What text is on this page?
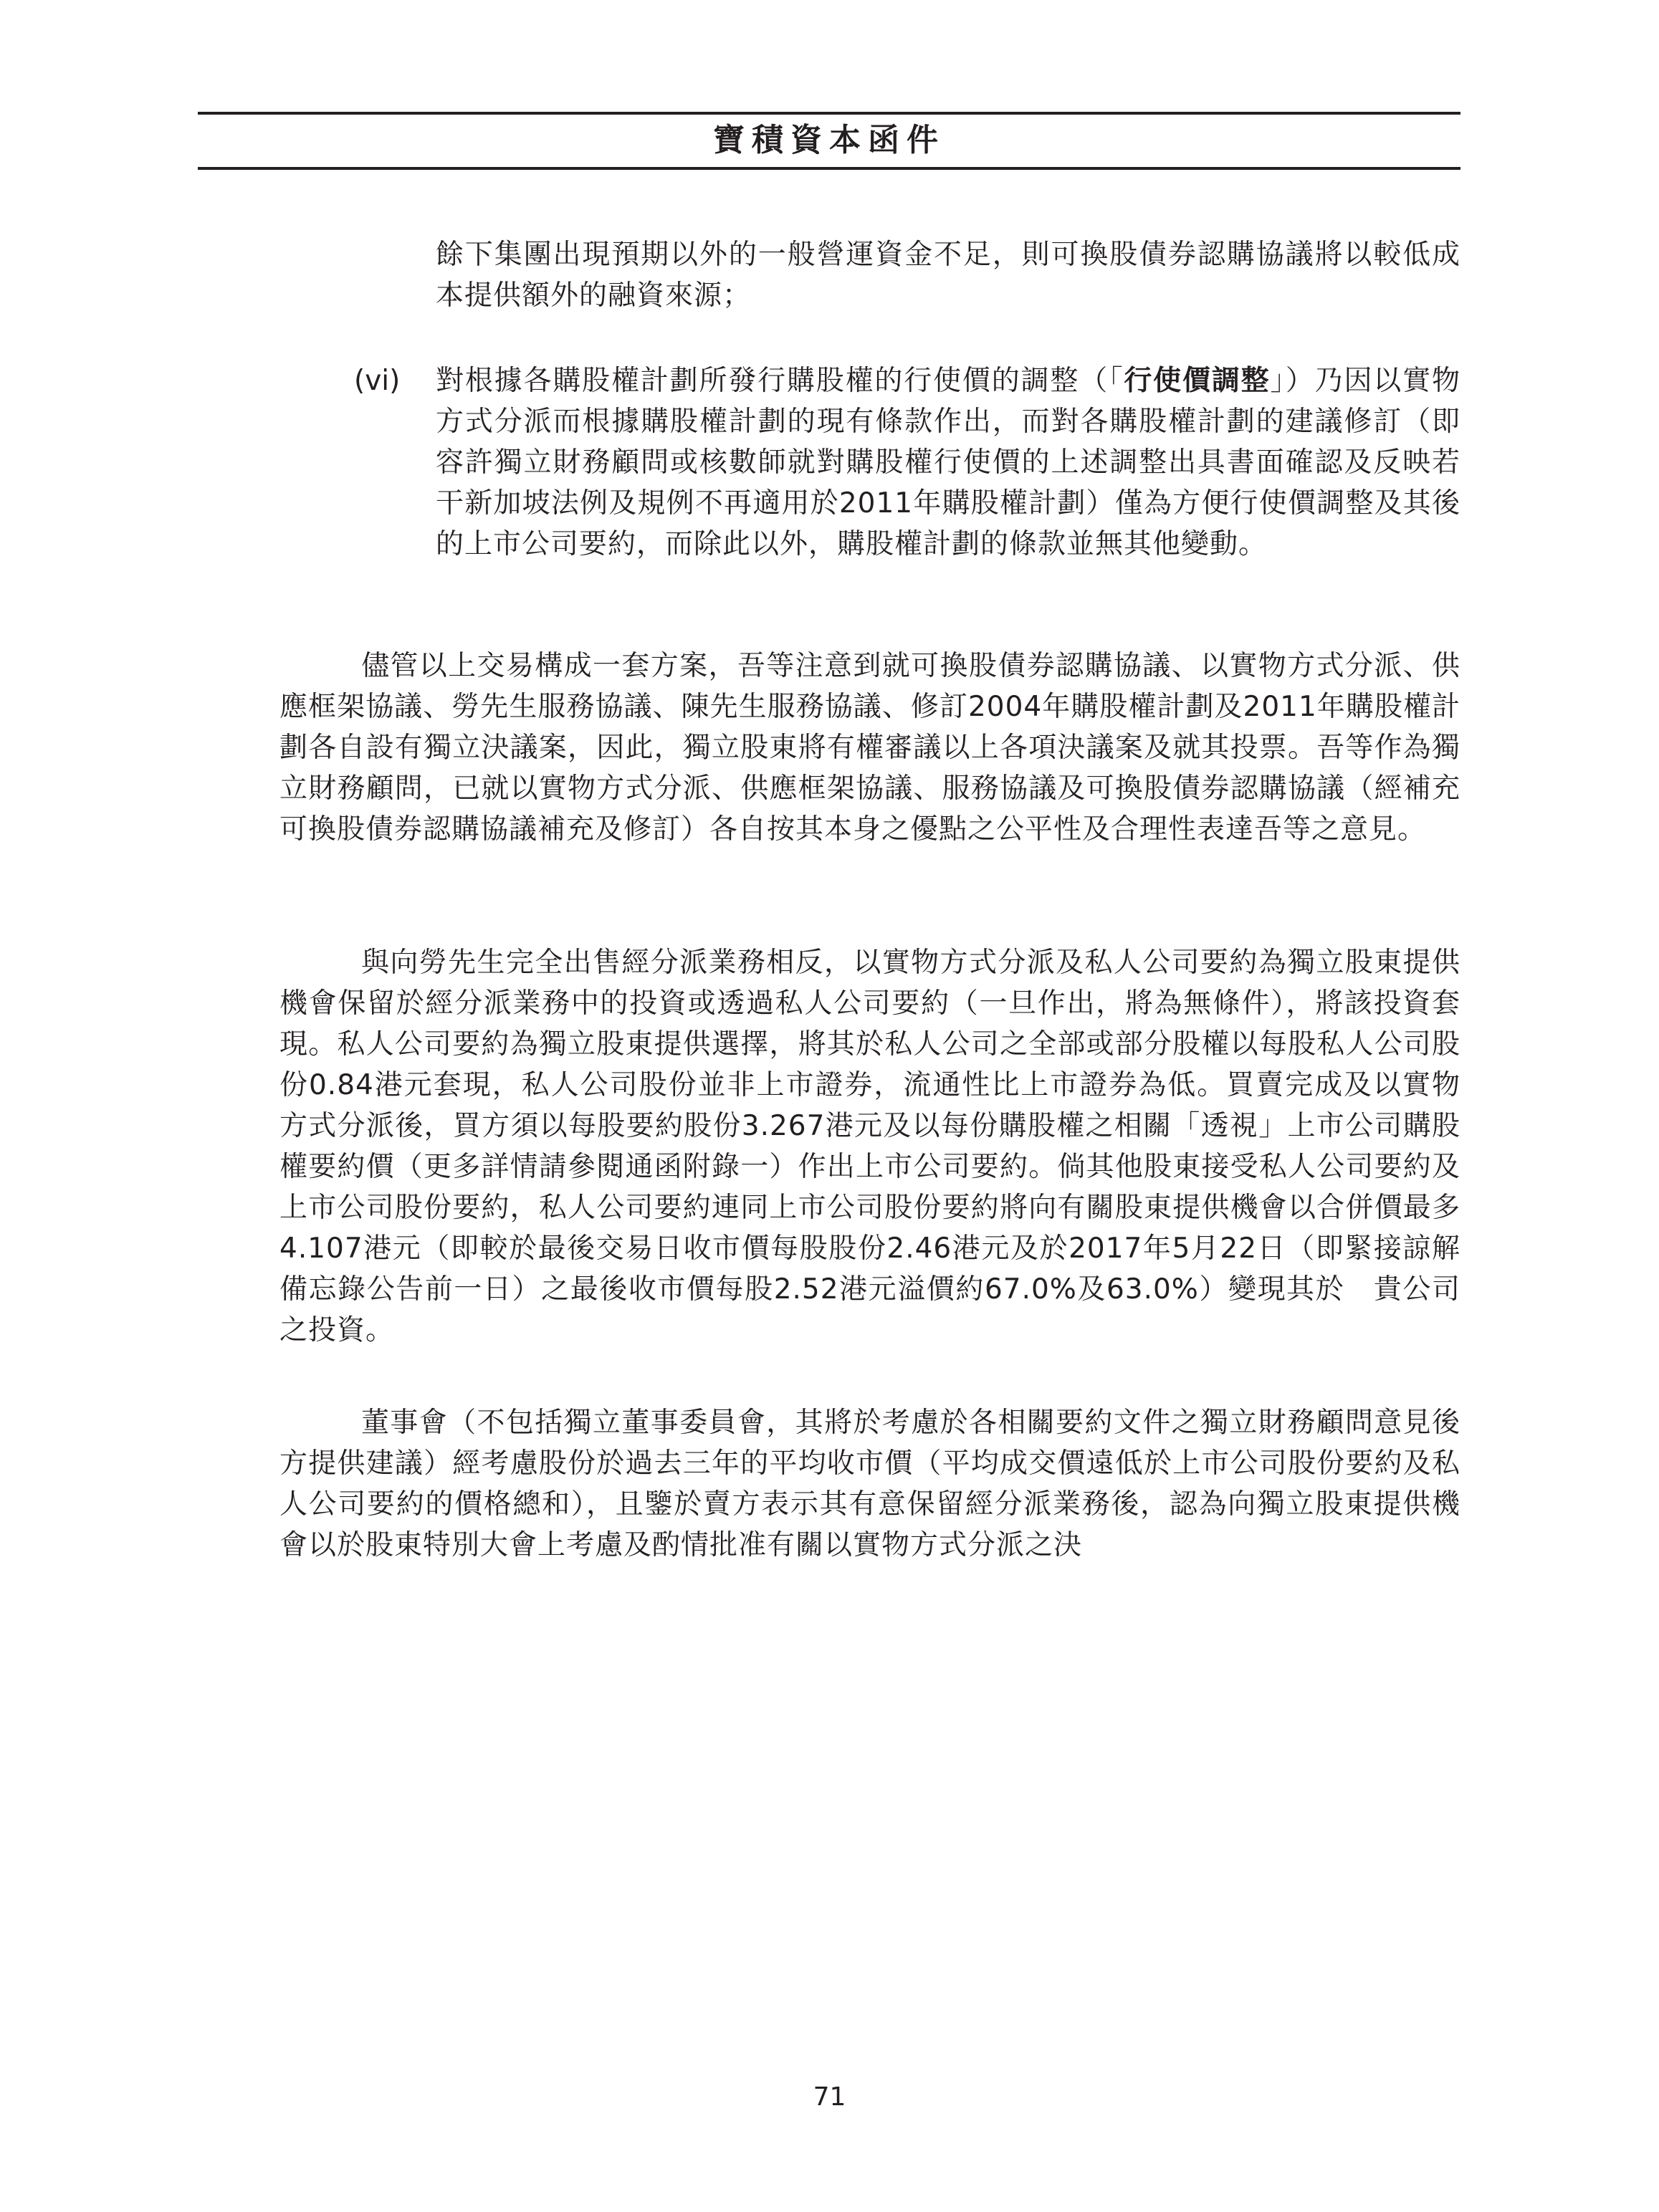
寶積資本函件

餘下集團出現預期以外的一般營運資金不足，則可換股債券認購協議將以較低成本提供額外的融資來源；

(vi) 對根據各購股權計劃所發行購股權的行使價的調整（「行使價調整」）乃因以實物方式分派而根據購股權計劃的現有條款作出，而對各購股權計劃的建議修訂（即容許獨立財務顧問或核數師就對購股權行使價的上述調整出具書面確認及反映若干新加坡法例及規例不再適用於2011年購股權計劃）僅為方便行使價調整及其後的上市公司要約，而除此以外，購股權計劃的條款並無其他變動。

儘管以上交易構成一套方案，吾等注意到就可換股債券認購協議、以實物方式分派、供應框架協議、勞先生服務協議、陳先生服務協議、修訂2004年購股權計劃及2011年購股權計劃各自設有獨立決議案，因此，獨立股東將有權審議以上各項決議案及就其投票。吾等作為獨立財務顧問，已就以實物方式分派、供應框架協議、服務協議及可換股債券認購協議（經補充可換股債券認購協議補充及修訂）各自按其本身之優點之公平性及合理性表達吾等之意見。

與向勞先生完全出售經分派業務相反，以實物方式分派及私人公司要約為獨立股東提供機會保留於經分派業務中的投資或透過私人公司要約（一旦作出，將為無條件），將該投資套現。私人公司要約為獨立股東提供選擇，將其於私人公司之全部或部分股權以每股私人公司股份0.84港元套現，私人公司股份並非上市證券，流通性比上市證券為低。買賣完成及以實物方式分派後，買方須以每股要約股份3.267港元及以每份購股權之相關「透視」上市公司購股權要約價（更多詳情請參閱通函附錄一）作出上市公司要約。倘其他股東接受私人公司要約及上市公司股份要約，私人公司要約連同上市公司股份要約將向有關股東提供機會以合併價最多4.107港元（即較於最後交易日收市價每股股份2.46港元及於2017年5月22日（即緊接諒解備忘錄公告前一日）之最後收市價每股2.52港元溢價約67.0%及63.0%）變現其於　貴公司之投資。

董事會（不包括獨立董事委員會，其將於考慮於各相關要約文件之獨立財務顧問意見後方提供建議）經考慮股份於過去三年的平均收市價（平均成交價遠低於上市公司股份要約及私人公司要約的價格總和），且鑒於賣方表示其有意保留經分派業務後，認為向獨立股東提供機會以於股東特別大會上考慮及酌情批准有關以實物方式分派之決

71
